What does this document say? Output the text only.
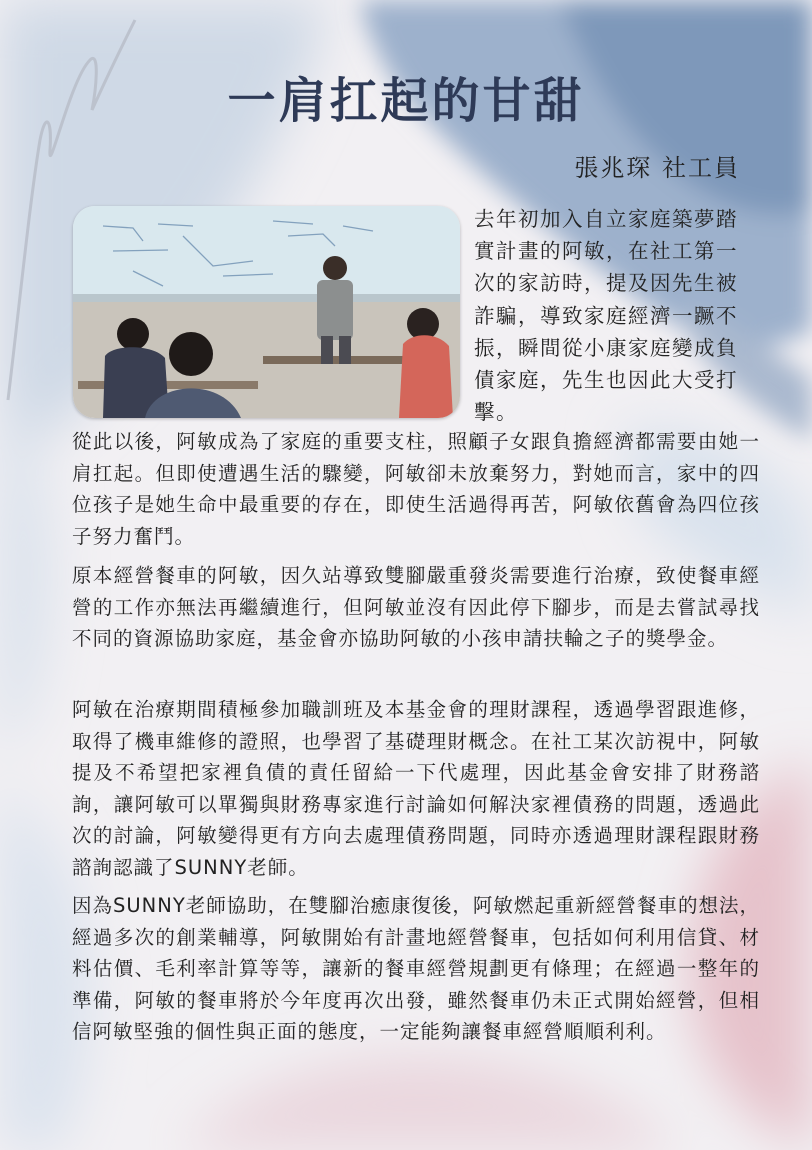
一肩扛起的甘甜
張兆琛 社工員

去年初加入自立家庭築夢踏實計畫的阿敏，在社工第一次的家訪時，提及因先生被詐騙，導致家庭經濟一蹶不振，瞬間從小康家庭變成負債家庭，先生也因此大受打擊。

從此以後，阿敏成為了家庭的重要支柱，照顧子女跟負擔經濟都需要由她一肩扛起。但即使遭遇生活的驟變，阿敏卻未放棄努力，對她而言，家中的四位孩子是她生命中最重要的存在，即使生活過得再苦，阿敏依舊會為四位孩子努力奮鬥。

原本經營餐車的阿敏，因久站導致雙腳嚴重發炎需要進行治療，致使餐車經營的工作亦無法再繼續進行，但阿敏並沒有因此停下腳步，而是去嘗試尋找不同的資源協助家庭，基金會亦協助阿敏的小孩申請扶輪之子的獎學金。

阿敏在治療期間積極參加職訓班及本基金會的理財課程，透過學習跟進修，取得了機車維修的證照，也學習了基礎理財概念。在社工某次訪視中，阿敏提及不希望把家裡負債的責任留給一下代處理，因此基金會安排了財務諮詢，讓阿敏可以單獨與財務專家進行討論如何解決家裡債務的問題，透過此次的討論，阿敏變得更有方向去處理債務問題，同時亦透過理財課程跟財務諮詢認識了SUNNY老師。

因為SUNNY老師協助，在雙腳治癒康復後，阿敏燃起重新經營餐車的想法，經過多次的創業輔導，阿敏開始有計畫地經營餐車，包括如何利用信貸、材料估價、毛利率計算等等，讓新的餐車經營規劃更有條理；在經過一整年的準備，阿敏的餐車將於今年度再次出發，雖然餐車仍未正式開始經營，但相信阿敏堅強的個性與正面的態度，一定能夠讓餐車經營順順利利。
